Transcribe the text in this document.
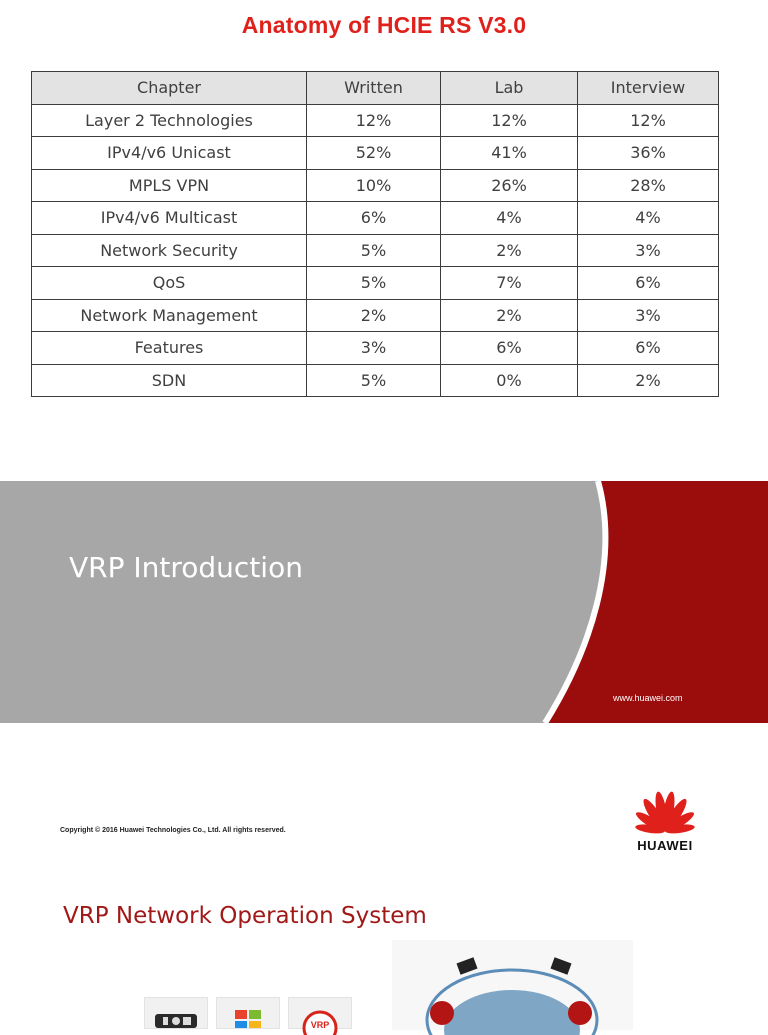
Anatomy of HCIE RS V3.0
Chapter	Written	Lab	Interview
Layer 2 Technologies	12%	12%	12%
IPv4/v6 Unicast	52%	41%	36%
MPLS VPN	10%	26%	28%
IPv4/v6 Multicast	6%	4%	4%
Network Security	5%	2%	3%
QoS	5%	7%	6%
Network Management	2%	2%	3%
Features	3%	6%	6%
SDN	5%	0%	2%
VRP Introduction
www.huawei.com
Copyright © 2016 Huawei Technologies Co., Ltd. All rights reserved.
HUAWEI
VRP Network Operation System
VRP
